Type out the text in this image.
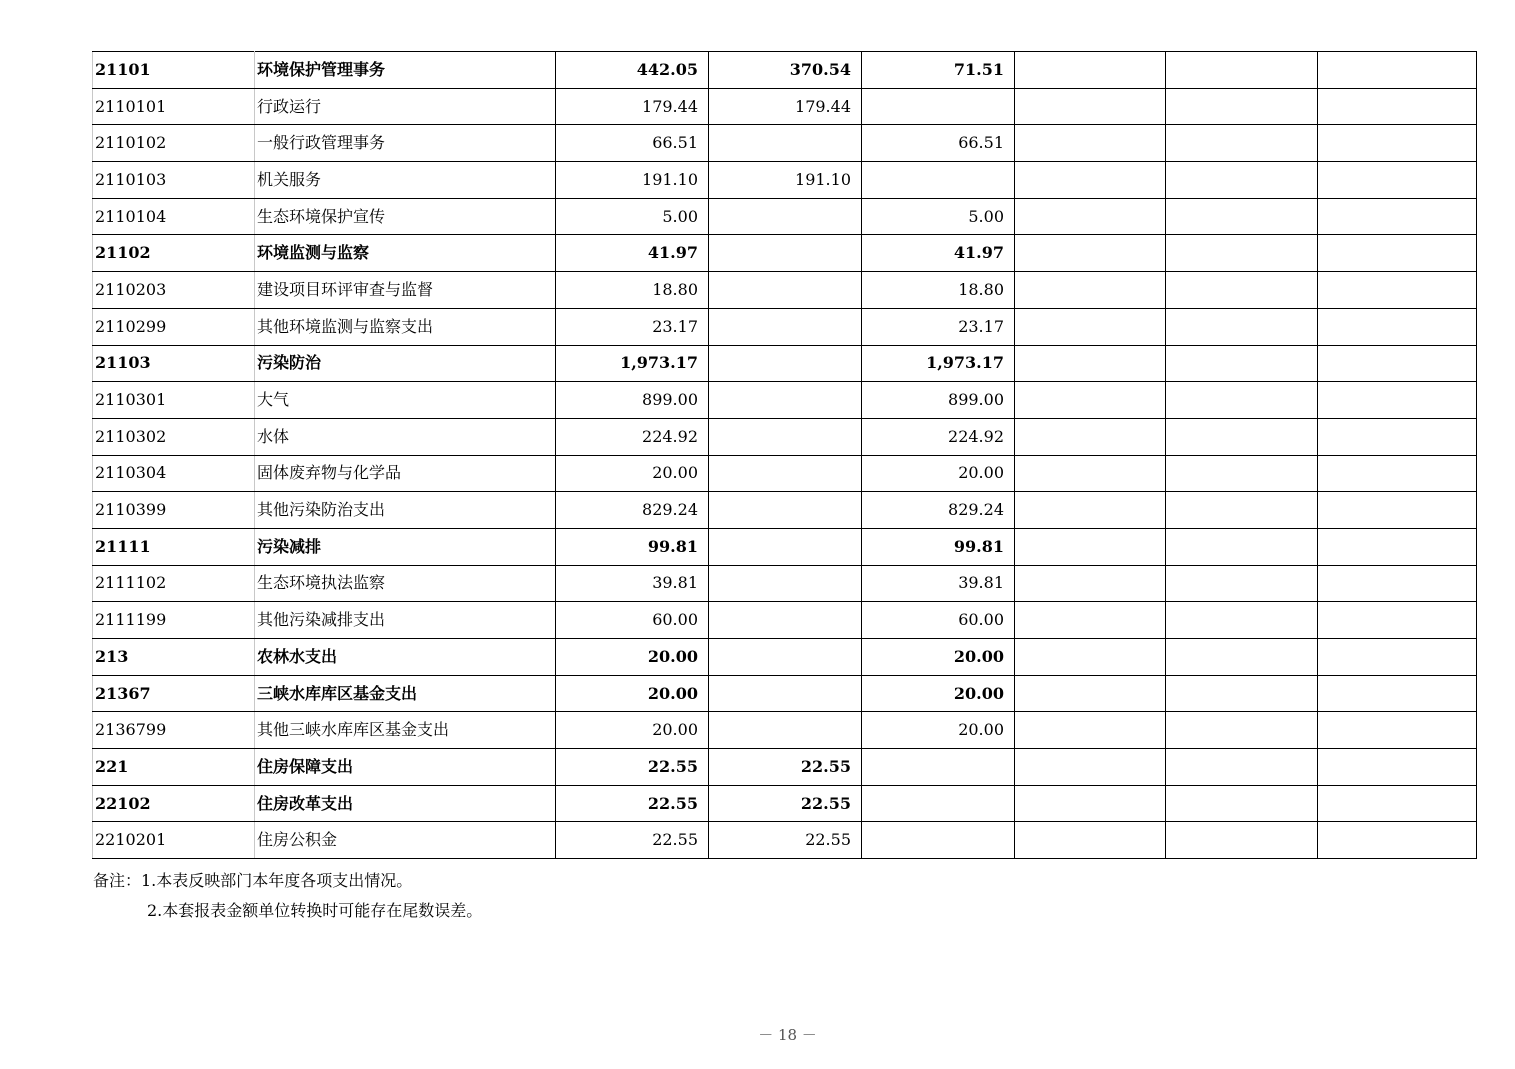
21101	环境保护管理事务	442.05	370.54	71.51			
2110101	行政运行	179.44	179.44				
2110102	一般行政管理事务	66.51		66.51			
2110103	机关服务	191.10	191.10				
2110104	生态环境保护宣传	5.00		5.00			
21102	环境监测与监察	41.97		41.97			
2110203	建设项目环评审查与监督	18.80		18.80			
2110299	其他环境监测与监察支出	23.17		23.17			
21103	污染防治	1,973.17		1,973.17			
2110301	大气	899.00		899.00			
2110302	水体	224.92		224.92			
2110304	固体废弃物与化学品	20.00		20.00			
2110399	其他污染防治支出	829.24		829.24			
21111	污染减排	99.81		99.81			
2111102	生态环境执法监察	39.81		39.81			
2111199	其他污染减排支出	60.00		60.00			
213	农林水支出	20.00		20.00			
21367	三峡水库库区基金支出	20.00		20.00			
2136799	其他三峡水库库区基金支出	20.00		20.00			
221	住房保障支出	22.55	22.55				
22102	住房改革支出	22.55	22.55				
2210201	住房公积金	22.55	22.55				
备注：1.本表反映部门本年度各项支出情况。
2.本套报表金额单位转换时可能存在尾数误差。
－ 18 －
